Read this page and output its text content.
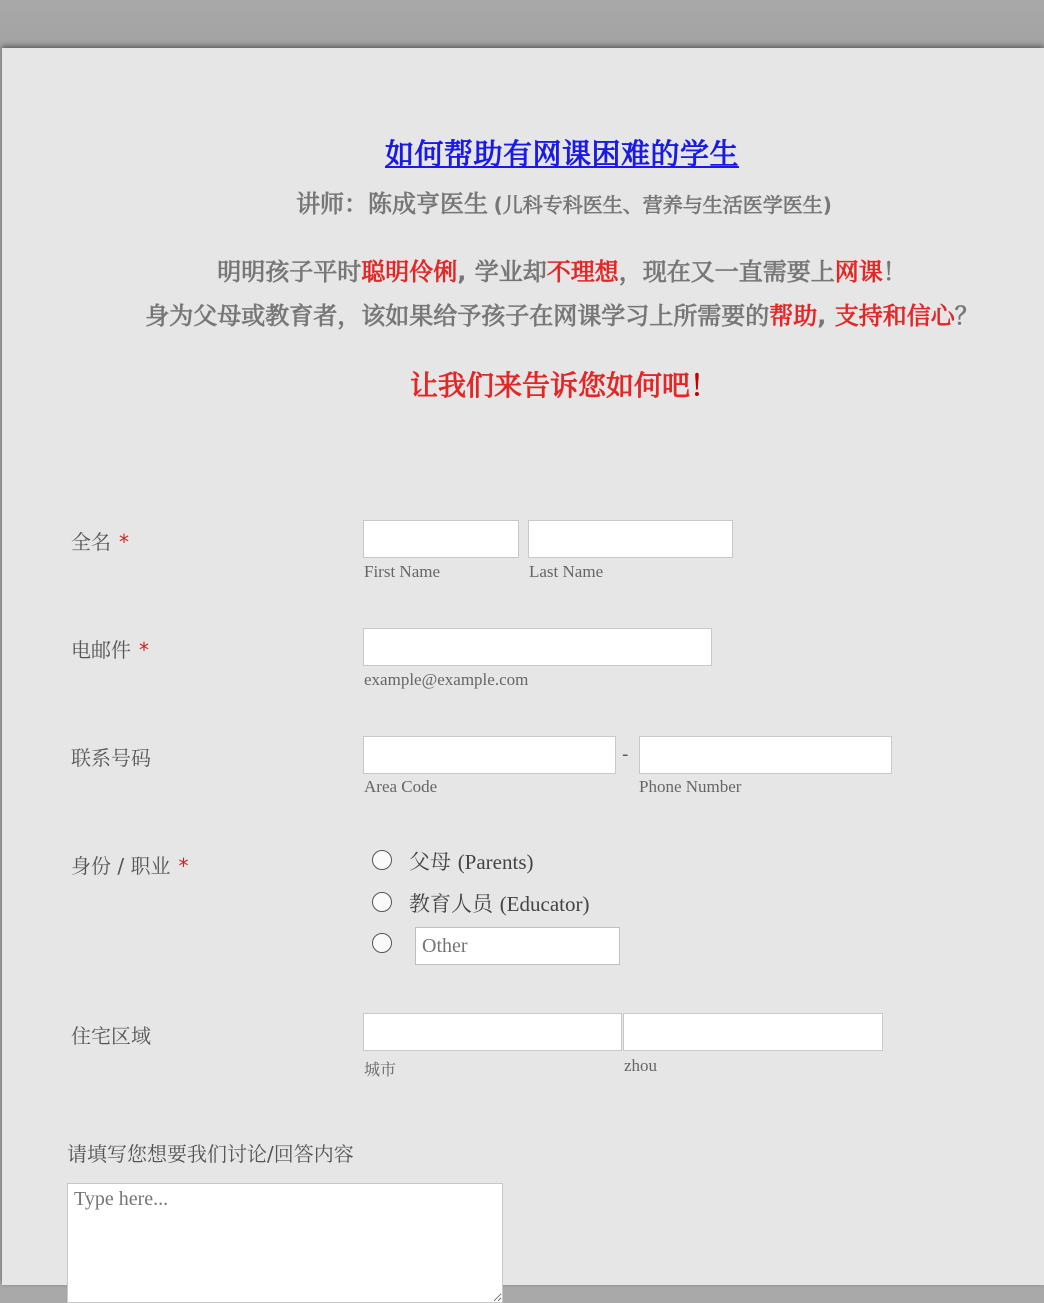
如何帮助有网课困难的学生
讲师：陈成亨医生 (儿科专科医生、营养与生活医学医生)
明明孩子平时聪明伶俐, 学业却不理想，现在又一直需要上网课！
身为父母或教育者，该如果给予孩子在网课学习上所需要的帮助, 支持和信心？
让我们来告诉您如何吧！
全名 *
First Name	Last Name
电邮件 *
example@example.com
联系号码	-
Area Code	Phone Number
身份 / 职业 *	父母 (Parents)
教育人员 (Educator)
Other
住宅区域
城市	zhou
请填写您想要我们讨论/回答内容
Type here...
